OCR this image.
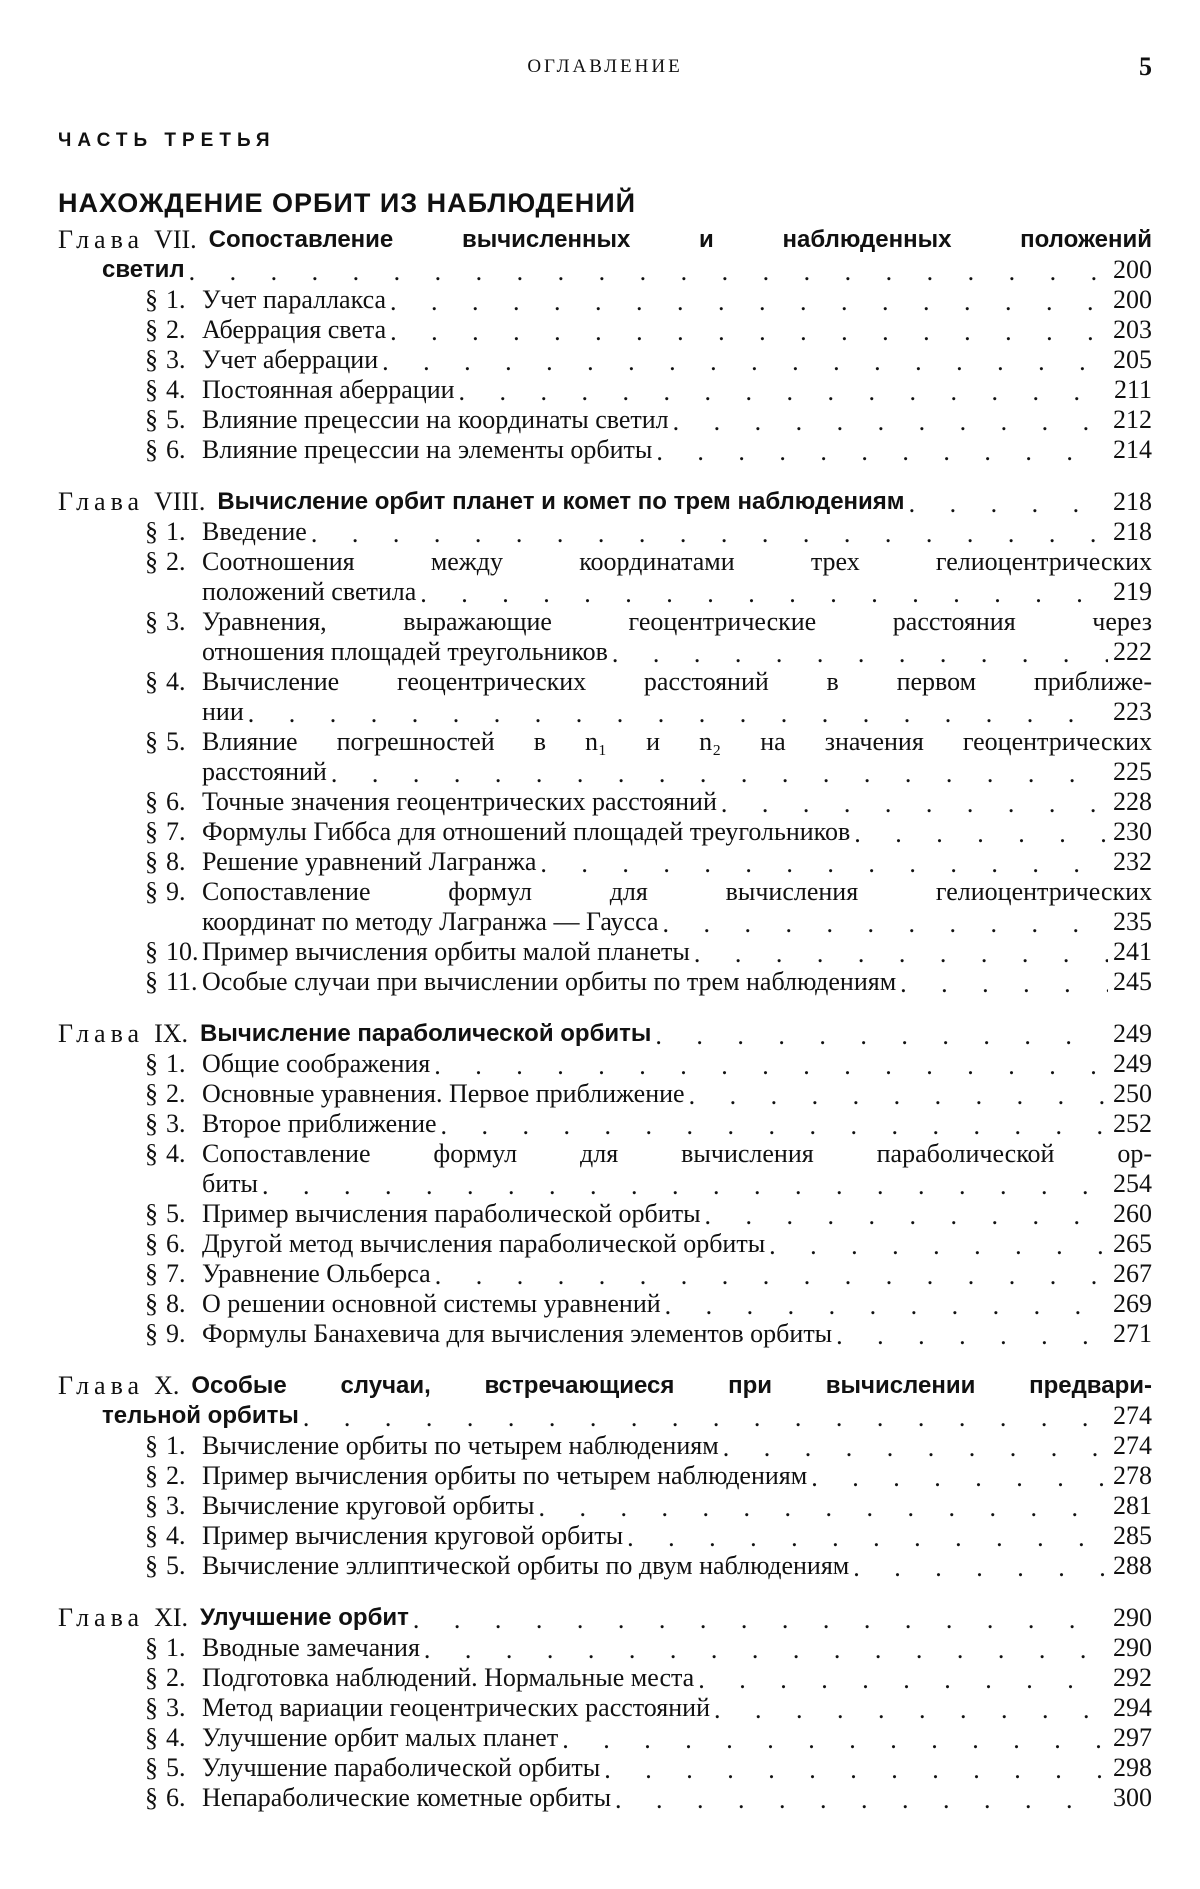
ОГЛАВЛЕНИЕ	5
ЧАСТЬ ТРЕТЬЯ
НАХОЖДЕНИЕ ОРБИТ ИЗ НАБЛЮДЕНИЙ
Глава VII. Сопоставление вычисленных и наблюденных положений
светил . . .	200
§ 1. Учет параллакса . . .	200
§ 2. Аберрация света . . .	203
§ 3. Учет аберрации . . .	205
§ 4. Постоянная аберрации . . .	211
§ 5. Влияние прецессии на координаты светил . . .	212
§ 6. Влияние прецессии на элементы орбиты . . .	214
Глава VIII. Вычисление орбит планет и комет по трем наблюдениям . . .	218
§ 1. Введение . . .	218
§ 2. Соотношения между координатами трех гелиоцентрических
положений светила . . .	219
§ 3. Уравнения, выражающие геоцентрические расстояния через
отношения площадей треугольников . . .	222
§ 4. Вычисление геоцентрических расстояний в первом приближе-
нии . . .	223
§ 5. Влияние погрешностей в n₁ и n₂ на значения геоцентрических
расстояний . . .	225
§ 6. Точные значения геоцентрических расстояний . . .	228
§ 7. Формулы Гиббса для отношений площадей треугольников . . .	230
§ 8. Решение уравнений Лагранжа . . .	232
§ 9. Сопоставление формул для вычисления гелиоцентрических
координат по методу Лагранжа — Гаусса . . .	235
§ 10. Пример вычисления орбиты малой планеты . . .	241
§ 11. Особые случаи при вычислении орбиты по трем наблюдениям . . .	245
Глава IX. Вычисление параболической орбиты . . .	249
§ 1. Общие соображения . . .	249
§ 2. Основные уравнения. Первое приближение . . .	250
§ 3. Второе приближение . . .	252
§ 4. Сопоставление формул для вычисления параболической ор-
биты . . .	254
§ 5. Пример вычисления параболической орбиты . . .	260
§ 6. Другой метод вычисления параболической орбиты . . .	265
§ 7. Уравнение Ольберса . . .	267
§ 8. О решении основной системы уравнений . . .	269
§ 9. Формулы Банахевича для вычисления элементов орбиты . . .	271
Глава X. Особые случаи, встречающиеся при вычислении предвари-
тельной орбиты . . .	274
§ 1. Вычисление орбиты по четырем наблюдениям . . .	274
§ 2. Пример вычисления орбиты по четырем наблюдениям . . .	278
§ 3. Вычисление круговой орбиты . . .	281
§ 4. Пример вычисления круговой орбиты . . .	285
§ 5. Вычисление эллиптической орбиты по двум наблюдениям . . .	288
Глава XI. Улучшение орбит . . .	290
§ 1. Вводные замечания . . .	290
§ 2. Подготовка наблюдений. Нормальные места . . .	292
§ 3. Метод вариации геоцентрических расстояний . . .	294
§ 4. Улучшение орбит малых планет . . .	297
§ 5. Улучшение параболической орбиты . . .	298
§ 6. Непараболические кометные орбиты . . .	300
